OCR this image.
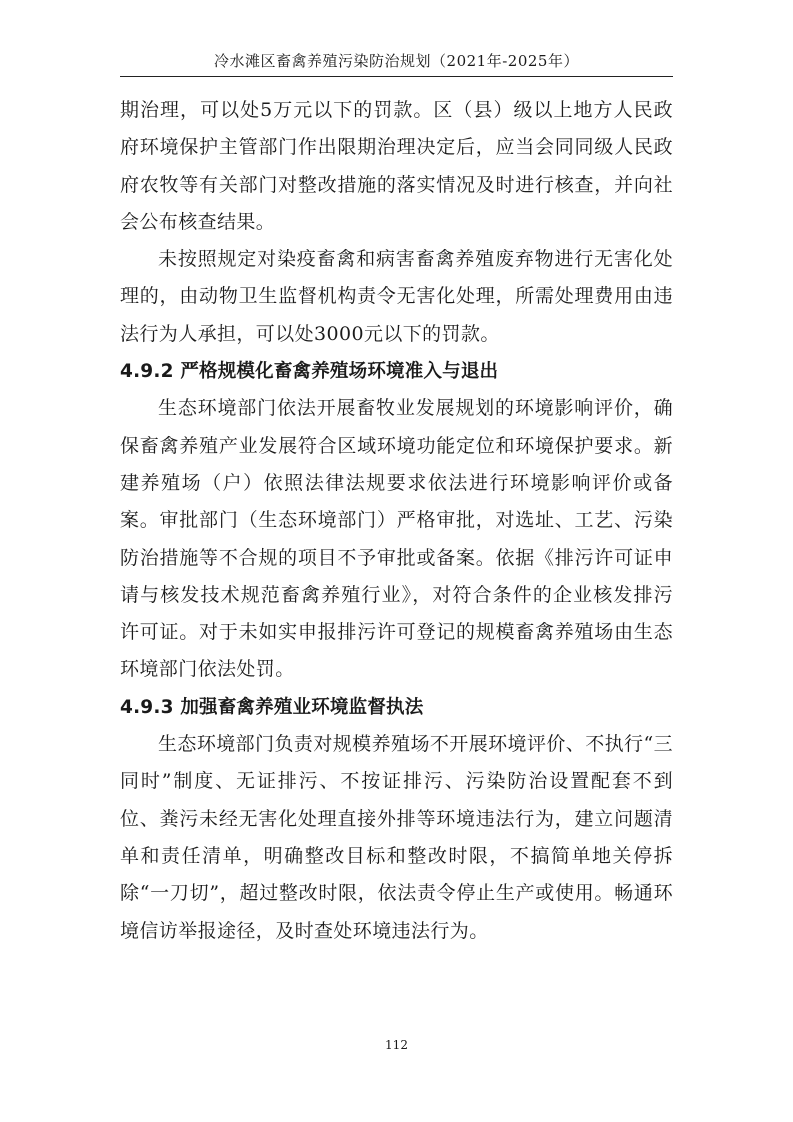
冷水滩区畜禽养殖污染防治规划（2021年-2025年）

期治理，可以处5万元以下的罚款。区（县）级以上地方人民政府环境保护主管部门作出限期治理决定后，应当会同同级人民政府农牧等有关部门对整改措施的落实情况及时进行核查，并向社会公布核查结果。

未按照规定对染疫畜禽和病害畜禽养殖废弃物进行无害化处理的，由动物卫生监督机构责令无害化处理，所需处理费用由违法行为人承担，可以处3000元以下的罚款。

4.9.2 严格规模化畜禽养殖场环境准入与退出

生态环境部门依法开展畜牧业发展规划的环境影响评价，确保畜禽养殖产业发展符合区域环境功能定位和环境保护要求。新建养殖场（户）依照法律法规要求依法进行环境影响评价或备案。审批部门（生态环境部门）严格审批，对选址、工艺、污染防治措施等不合规的项目不予审批或备案。依据《排污许可证申请与核发技术规范畜禽养殖行业》，对符合条件的企业核发排污许可证。对于未如实申报排污许可登记的规模畜禽养殖场由生态环境部门依法处罚。

4.9.3 加强畜禽养殖业环境监督执法

生态环境部门负责对规模养殖场不开展环境评价、不执行“三同时”制度、无证排污、不按证排污、污染防治设置配套不到位、粪污未经无害化处理直接外排等环境违法行为，建立问题清单和责任清单，明确整改目标和整改时限，不搞简单地关停拆除“一刀切”，超过整改时限，依法责令停止生产或使用。畅通环境信访举报途径，及时查处环境违法行为。

112
